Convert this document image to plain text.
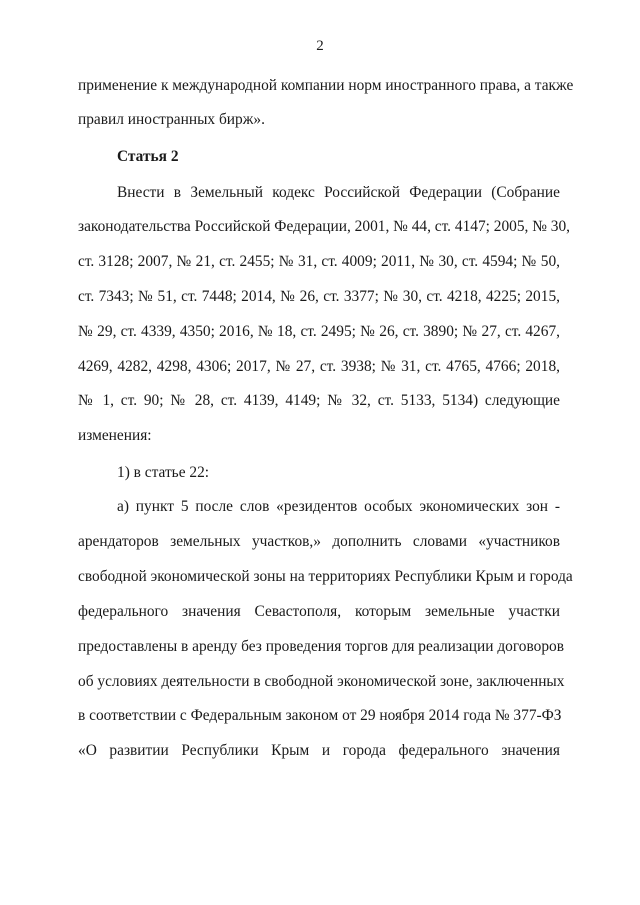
2
применение к международной компании норм иностранного права, а также
правил иностранных бирж».
Статья 2
Внести в Земельный кодекс Российской Федерации (Собрание
законодательства Российской Федерации, 2001, № 44, ст. 4147; 2005, № 30,
ст. 3128; 2007, № 21, ст. 2455; № 31, ст. 4009; 2011, № 30, ст. 4594; № 50,
ст. 7343; № 51, ст. 7448; 2014, № 26, ст. 3377; № 30, ст. 4218, 4225; 2015,
№ 29, ст. 4339, 4350; 2016, № 18, ст. 2495; № 26, ст. 3890; № 27, ст. 4267,
4269, 4282, 4298, 4306; 2017, № 27, ст. 3938; № 31, ст. 4765, 4766; 2018,
№ 1, ст. 90; № 28, ст. 4139, 4149; № 32, ст. 5133, 5134) следующие
изменения:
1) в статье 22:
а) пункт 5 после слов «резидентов особых экономических зон -
арендаторов земельных участков,» дополнить словами «участников
свободной экономической зоны на территориях Республики Крым и города
федерального значения Севастополя, которым земельные участки
предоставлены в аренду без проведения торгов для реализации договоров
об условиях деятельности в свободной экономической зоне, заключенных
в соответствии с Федеральным законом от 29 ноября 2014 года № 377-ФЗ
«О развитии Республики Крым и города федерального значения
